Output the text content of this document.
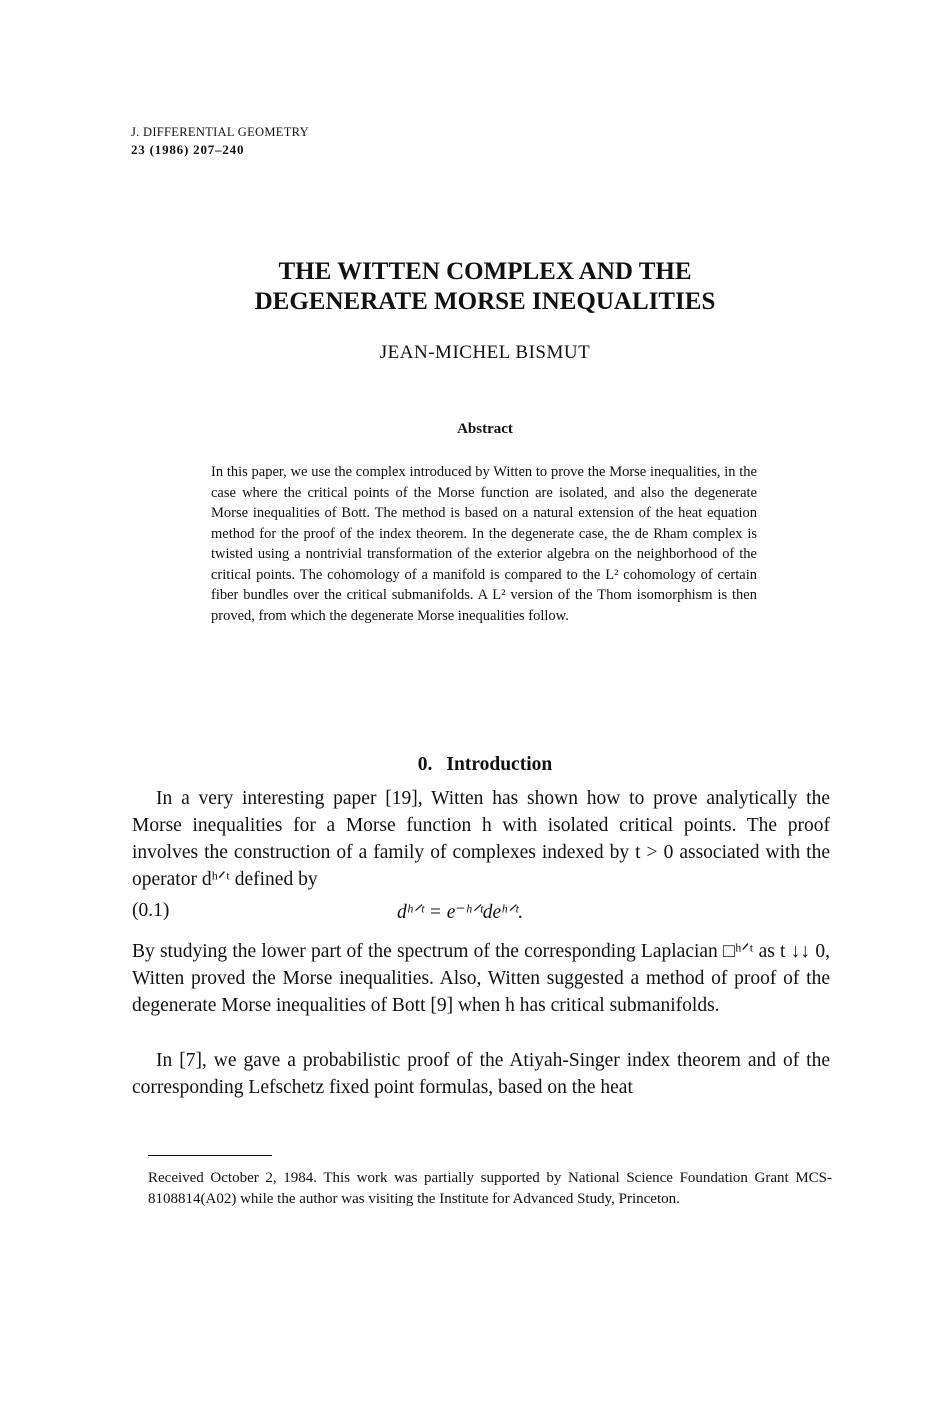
J. DIFFERENTIAL GEOMETRY
23 (1986) 207–240
THE WITTEN COMPLEX AND THE
DEGENERATE MORSE INEQUALITIES
JEAN-MICHEL BISMUT
Abstract
In this paper, we use the complex introduced by Witten to prove the Morse inequalities, in the case where the critical points of the Morse function are isolated, and also the degenerate Morse inequalities of Bott. The method is based on a natural extension of the heat equation method for the proof of the index theorem. In the degenerate case, the de Rham complex is twisted using a nontrivial transformation of the exterior algebra on the neighborhood of the critical points. The cohomology of a manifold is compared to the L² cohomology of certain fiber bundles over the critical submanifolds. A L² version of the Thom isomorphism is then proved, from which the degenerate Morse inequalities follow.
0. Introduction
In a very interesting paper [19], Witten has shown how to prove analytically the Morse inequalities for a Morse function h with isolated critical points. The proof involves the construction of a family of complexes indexed by t > 0 associated with the operator dʰᐟᵗ defined by
(0.1)	dʰᐟᵗ = e⁻ʰᐟᵗdeʰᐟᵗ.
By studying the lower part of the spectrum of the corresponding Laplacian □ʰᐟᵗ as t ↓↓ 0, Witten proved the Morse inequalities. Also, Witten suggested a method of proof of the degenerate Morse inequalities of Bott [9] when h has critical submanifolds.
In [7], we gave a probabilistic proof of the Atiyah-Singer index theorem and of the corresponding Lefschetz fixed point formulas, based on the heat
Received October 2, 1984. This work was partially supported by National Science Foundation Grant MCS-8108814(A02) while the author was visiting the Institute for Advanced Study, Princeton.
